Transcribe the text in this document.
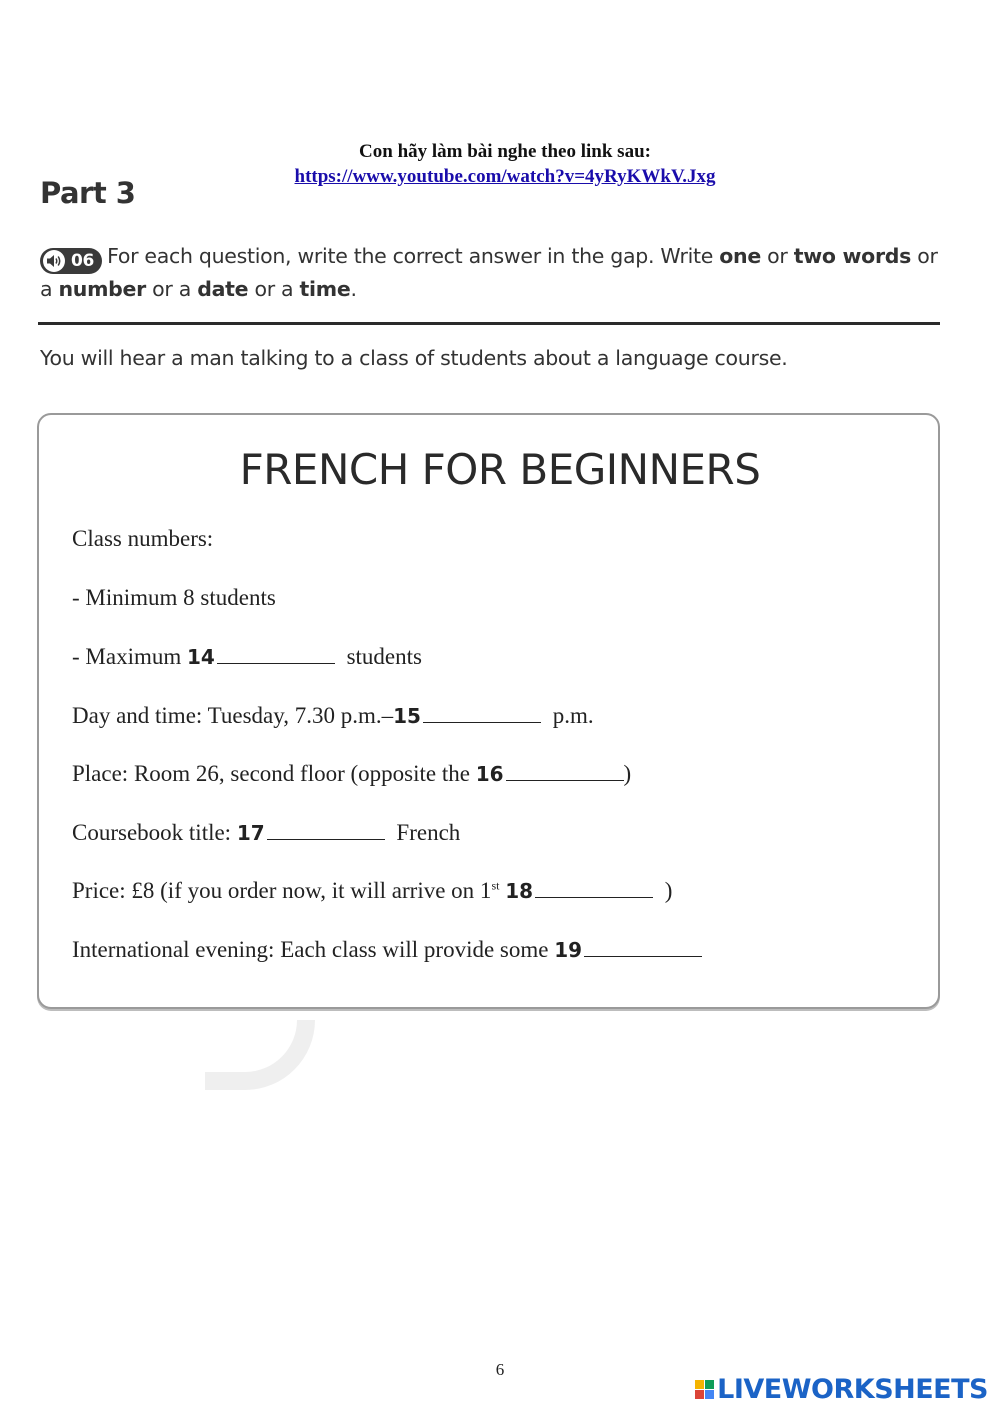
Con hãy làm bài nghe theo link sau:
https://www.youtube.com/watch?v=4yRyKWkV.Jxg
Part 3
06 For each question, write the correct answer in the gap. Write one or two words or a number or a date or a time.
You will hear a man talking to a class of students about a language course.
FRENCH FOR BEGINNERS
Class numbers:
- Minimum 8 students
- Maximum 14	students
Day and time: Tuesday, 7.30 p.m.–15	p.m.
Place: Room 26, second floor (opposite the 16	)
Coursebook title: 17	French
Price: £8 (if you order now, it will arrive on 1st 18	)
International evening: Each class will provide some 19
6
LIVEWORKSHEETS
